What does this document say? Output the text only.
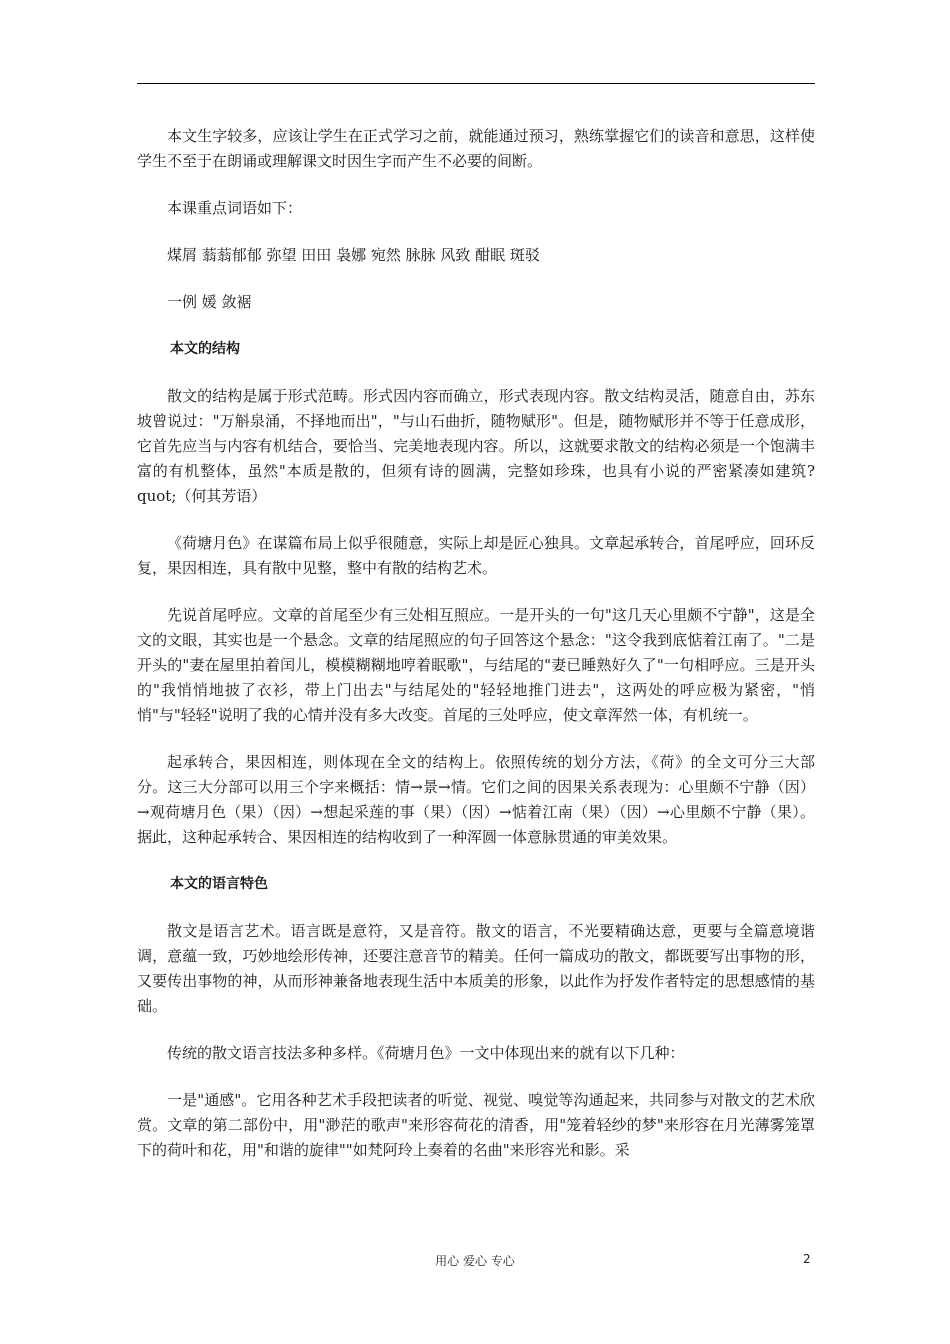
本文生字较多，应该让学生在正式学习之前，就能通过预习，熟练掌握它们的读音和意思，这样使学生不至于在朗诵或理解课文时因生字而产生不必要的间断。

本课重点词语如下：

煤屑 蓊蓊郁郁 弥望 田田 袅娜 宛然 脉脉 风致 酣眠 斑驳

一例 媛 敛裾

本文的结构

散文的结构是属于形式范畴。形式因内容而确立，形式表现内容。散文结构灵活，随意自由，苏东坡曾说过："万斛泉涌，不择地而出"，"与山石曲折，随物赋形"。但是，随物赋形并不等于任意成形，它首先应当与内容有机结合，要恰当、完美地表现内容。所以，这就要求散文的结构必须是一个饱满丰富的有机整体，虽然"本质是散的，但须有诗的圆满，完整如珍珠，也具有小说的严密紧凑如建筑?quot;（何其芳语）

《荷塘月色》在谋篇布局上似乎很随意，实际上却是匠心独具。文章起承转合，首尾呼应，回环反复，果因相连，具有散中见整，整中有散的结构艺术。

先说首尾呼应。文章的首尾至少有三处相互照应。一是开头的一句"这几天心里颇不宁静"，这是全文的文眼，其实也是一个悬念。文章的结尾照应的句子回答这个悬念："这令我到底惦着江南了。"二是开头的"妻在屋里拍着闰儿，模模糊糊地哼着眠歌"，与结尾的"妻已睡熟好久了"一句相呼应。三是开头的"我悄悄地披了衣衫，带上门出去"与结尾处的"轻轻地推门进去"，这两处的呼应极为紧密，"悄悄"与"轻轻"说明了我的心情并没有多大改变。首尾的三处呼应，使文章浑然一体，有机统一。

起承转合，果因相连，则体现在全文的结构上。依照传统的划分方法，《荷》的全文可分三大部分。这三大分部可以用三个字来概括：情→景→情。它们之间的因果关系表现为：心里颇不宁静（因）→观荷塘月色（果）（因）→想起采莲的事（果）（因）→惦着江南（果）（因）→心里颇不宁静（果）。据此，这种起承转合、果因相连的结构收到了一种浑圆一体意脉贯通的审美效果。

本文的语言特色

散文是语言艺术。语言既是意符，又是音符。散文的语言，不光要精确达意，更要与全篇意境谐调，意蕴一致，巧妙地绘形传神，还要注意音节的精美。任何一篇成功的散文，都既要写出事物的形，又要传出事物的神，从而形神兼备地表现生活中本质美的形象，以此作为抒发作者特定的思想感情的基础。

传统的散文语言技法多种多样。《荷塘月色》一文中体现出来的就有以下几种：

一是"通感"。它用各种艺术手段把读者的听觉、视觉、嗅觉等沟通起来，共同参与对散文的艺术欣赏。文章的第二部份中，用"渺茫的歌声"来形容荷花的清香，用"笼着轻纱的梦"来形容在月光薄雾笼罩下的荷叶和花，用"和谐的旋律""如梵阿玲上奏着的名曲"来形容光和影。采

用心 爱心 专心	2
